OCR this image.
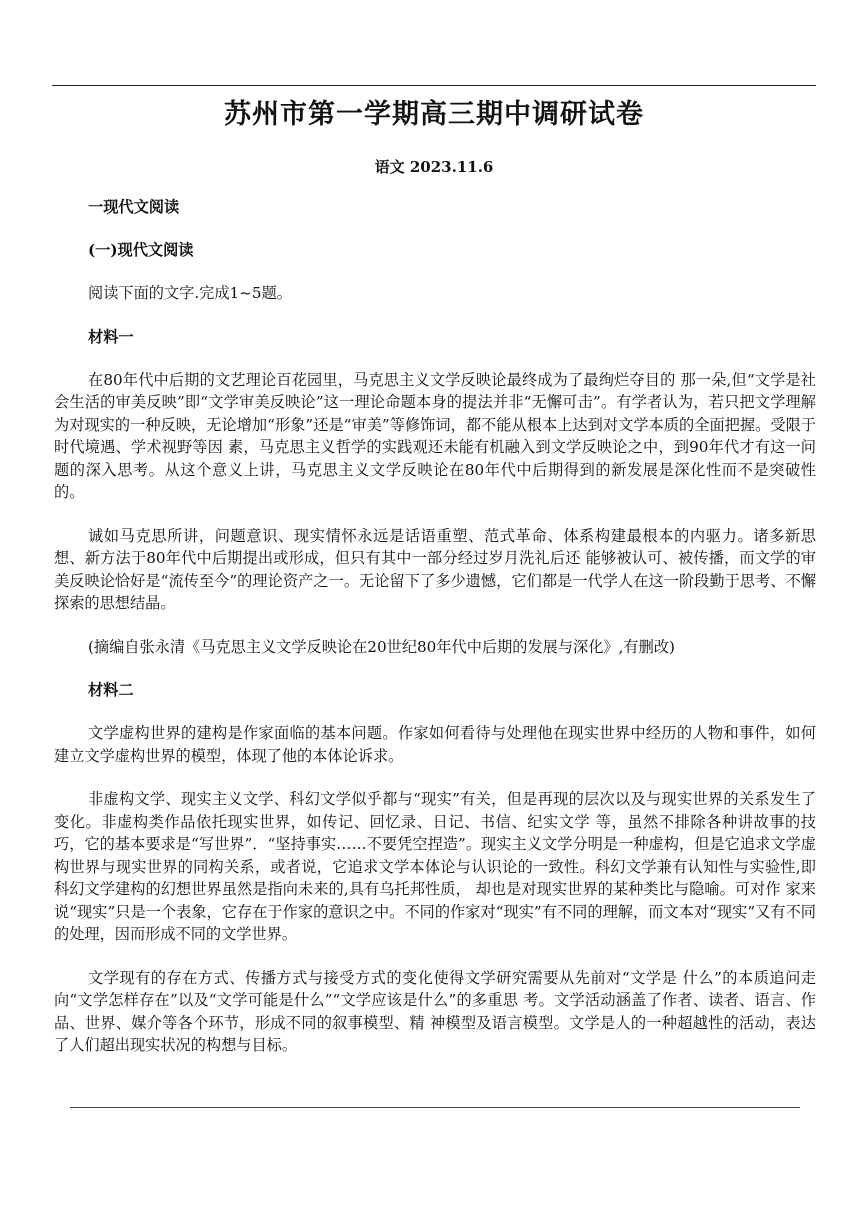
苏州市第一学期高三期中调研试卷
语文 2023.11.6
一现代文阅读
(一)现代文阅读

阅读下面的文字.完成1~5题。

材料一

在80年代中后期的文艺理论百花园里，马克思主义文学反映论最终成为了最绚烂夺目的 那一朵,但“文学是社会生活的审美反映”即“文学审美反映论”这一理论命题本身的提法并非“无懈可击”。有学者认为，若只把文学理解为对现实的一种反映，无论增加“形象”还是“审美”等修饰词，都不能从根本上达到对文学本质的全面把握。受限于时代境遇、学术视野等因 素，马克思主义哲学的实践观还未能有机融入到文学反映论之中，到90年代才有这一问题的深入思考。从这个意义上讲，马克思主义文学反映论在80年代中后期得到的新发展是深化性而不是突破性的。

诚如马克思所讲，问题意识、现实情怀永远是话语重塑、范式革命、体系构建最根本的内驱力。诸多新思想、新方法于80年代中后期提出或形成，但只有其中一部分经过岁月洗礼后还 能够被认可、被传播，而文学的审美反映论恰好是“流传至今”的理论资产之一。无论留下了多少遗憾，它们都是一代学人在这一阶段勤于思考、不懈探索的思想结晶。

(摘编自张永清《马克思主义文学反映论在20世纪80年代中后期的发展与深化》,有删改)

材料二

文学虚构世界的建构是作家面临的基本问题。作家如何看待与处理他在现实世界中经历的人物和事件，如何建立文学虚构世界的模型，体现了他的本体论诉求。

非虚构文学、现实主义文学、科幻文学似乎都与“现实”有关，但是再现的层次以及与现实世界的关系发生了变化。非虚构类作品依托现实世界，如传记、回忆录、日记、书信、纪实文学 等，虽然不排除各种讲故事的技巧，它的基本要求是“写世界”．“坚持事实……不要凭空捏造”。现实主义文学分明是一种虚构，但是它追求文学虚构世界与现实世界的同构关系，或者说，它追求文学本体论与认识论的一致性。科幻文学兼有认知性与实验性,即科幻文学建构的幻想世界虽然是指向未来的,具有乌托邦性质， 却也是对现实世界的某种类比与隐喻。可对作 家来说“现实”只是一个表象，它存在于作家的意识之中。不同的作家对“现实”有不同的理解，而文本对“现实”又有不同的处理，因而形成不同的文学世界。

文学现有的存在方式、传播方式与接受方式的变化使得文学研究需要从先前对“文学是 什么”的本质追问走向“文学怎样存在”以及“文学可能是什么”“文学应该是什么”的多重思 考。文学活动涵盖了作者、读者、语言、作品、世界、媒介等各个环节，形成不同的叙事模型、精 神模型及语言模型。文学是人的一种超越性的活动，表达了人们超出现实状况的构想与目标。
